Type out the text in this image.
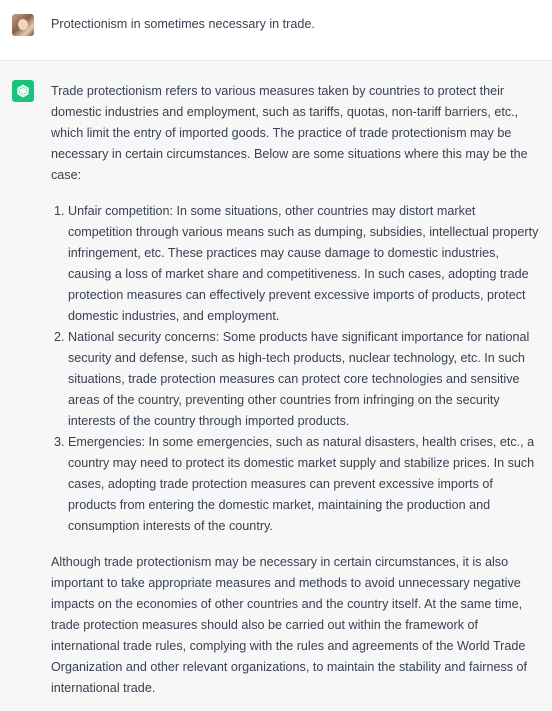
Protectionism in sometimes necessary in trade.

Trade protectionism refers to various measures taken by countries to protect their domestic industries and employment, such as tariffs, quotas, non-tariff barriers, etc., which limit the entry of imported goods. The practice of trade protectionism may be necessary in certain circumstances. Below are some situations where this may be the case:

1. Unfair competition: In some situations, other countries may distort market competition through various means such as dumping, subsidies, intellectual property infringement, etc. These practices may cause damage to domestic industries, causing a loss of market share and competitiveness. In such cases, adopting trade protection measures can effectively prevent excessive imports of products, protect domestic industries, and employment.
2. National security concerns: Some products have significant importance for national security and defense, such as high-tech products, nuclear technology, etc. In such situations, trade protection measures can protect core technologies and sensitive areas of the country, preventing other countries from infringing on the security interests of the country through imported products.
3. Emergencies: In some emergencies, such as natural disasters, health crises, etc., a country may need to protect its domestic market supply and stabilize prices. In such cases, adopting trade protection measures can prevent excessive imports of products from entering the domestic market, maintaining the production and consumption interests of the country.

Although trade protectionism may be necessary in certain circumstances, it is also important to take appropriate measures and methods to avoid unnecessary negative impacts on the economies of other countries and the country itself. At the same time, trade protection measures should also be carried out within the framework of international trade rules, complying with the rules and agreements of the World Trade Organization and other relevant organizations, to maintain the stability and fairness of international trade.
